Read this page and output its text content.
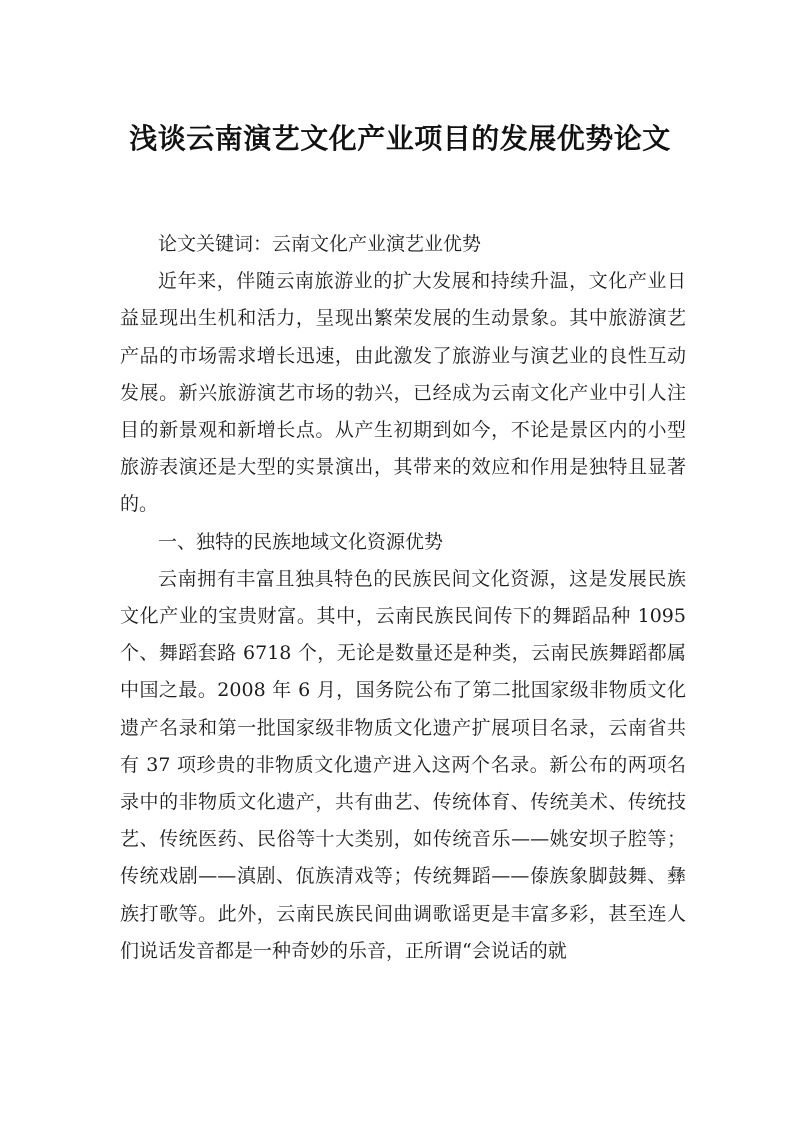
浅谈云南演艺文化产业项目的发展优势论文

论文关键词：云南文化产业演艺业优势

近年来，伴随云南旅游业的扩大发展和持续升温，文化产业日益显现出生机和活力，呈现出繁荣发展的生动景象。其中旅游演艺产品的市场需求增长迅速，由此激发了旅游业与演艺业的良性互动发展。新兴旅游演艺市场的勃兴，已经成为云南文化产业中引人注目的新景观和新增长点。从产生初期到如今，不论是景区内的小型旅游表演还是大型的实景演出，其带来的效应和作用是独特且显著的。

一、独特的民族地域文化资源优势

云南拥有丰富且独具特色的民族民间文化资源，这是发展民族文化产业的宝贵财富。其中，云南民族民间传下的舞蹈品种 1095 个、舞蹈套路 6718 个，无论是数量还是种类，云南民族舞蹈都属中国之最。2008 年 6 月，国务院公布了第二批国家级非物质文化遗产名录和第一批国家级非物质文化遗产扩展项目名录，云南省共有 37 项珍贵的非物质文化遗产进入这两个名录。新公布的两项名录中的非物质文化遗产，共有曲艺、传统体育、传统美术、传统技艺、传统医药、民俗等十大类别，如传统音乐——姚安坝子腔等；传统戏剧——滇剧、佤族清戏等；传统舞蹈——傣族象脚鼓舞、彝族打歌等。此外，云南民族民间曲调歌谣更是丰富多彩，甚至连人们说话发音都是一种奇妙的乐音，正所谓“会说话的就
